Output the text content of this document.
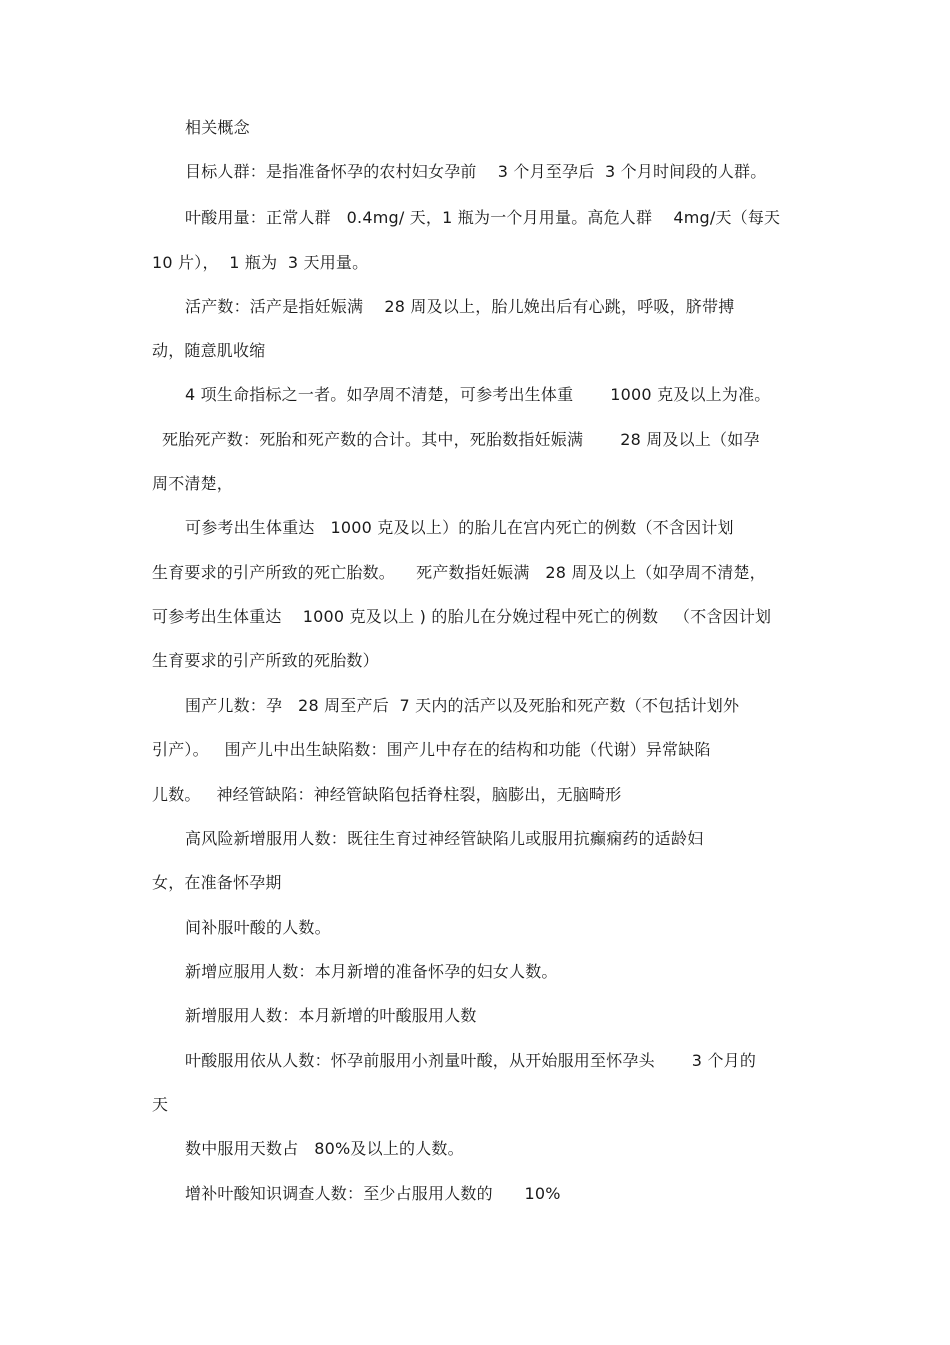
相关概念
目标人群：是指准备怀孕的农村妇女孕前    3 个月至孕后  3 个月时间段的人群。
叶酸用量：正常人群   0.4mg/ 天，1 瓶为一个月用量。高危人群    4mg/天（每天
10 片），  1 瓶为  3 天用量。
活产数：活产是指妊娠满    28 周及以上，胎儿娩出后有心跳，呼吸，脐带搏
动，随意肌收缩
4 项生命指标之一者。如孕周不清楚，可参考出生体重       1000 克及以上为准。
死胎死产数：死胎和死产数的合计。其中，死胎数指妊娠满       28 周及以上（如孕
周不清楚，
可参考出生体重达   1000 克及以上）的胎儿在宫内死亡的例数（不含因计划
生育要求的引产所致的死亡胎数。    死产数指妊娠满   28 周及以上（如孕周不清楚，
可参考出生体重达    1000 克及以上 ) 的胎儿在分娩过程中死亡的例数   （不含因计划
生育要求的引产所致的死胎数）
围产儿数：孕   28 周至产后  7 天内的活产以及死胎和死产数（不包括计划外
引产）。   围产儿中出生缺陷数：围产儿中存在的结构和功能（代谢）异常缺陷
儿数。   神经管缺陷：神经管缺陷包括脊柱裂，脑膨出，无脑畸形
高风险新增服用人数：既往生育过神经管缺陷儿或服用抗癫痫药的适龄妇
女，在准备怀孕期
间补服叶酸的人数。
新增应服用人数：本月新增的准备怀孕的妇女人数。
新增服用人数：本月新增的叶酸服用人数
叶酸服用依从人数：怀孕前服用小剂量叶酸，从开始服用至怀孕头       3 个月的
天
数中服用天数占   80%及以上的人数。
增补叶酸知识调查人数：至少占服用人数的      10%
